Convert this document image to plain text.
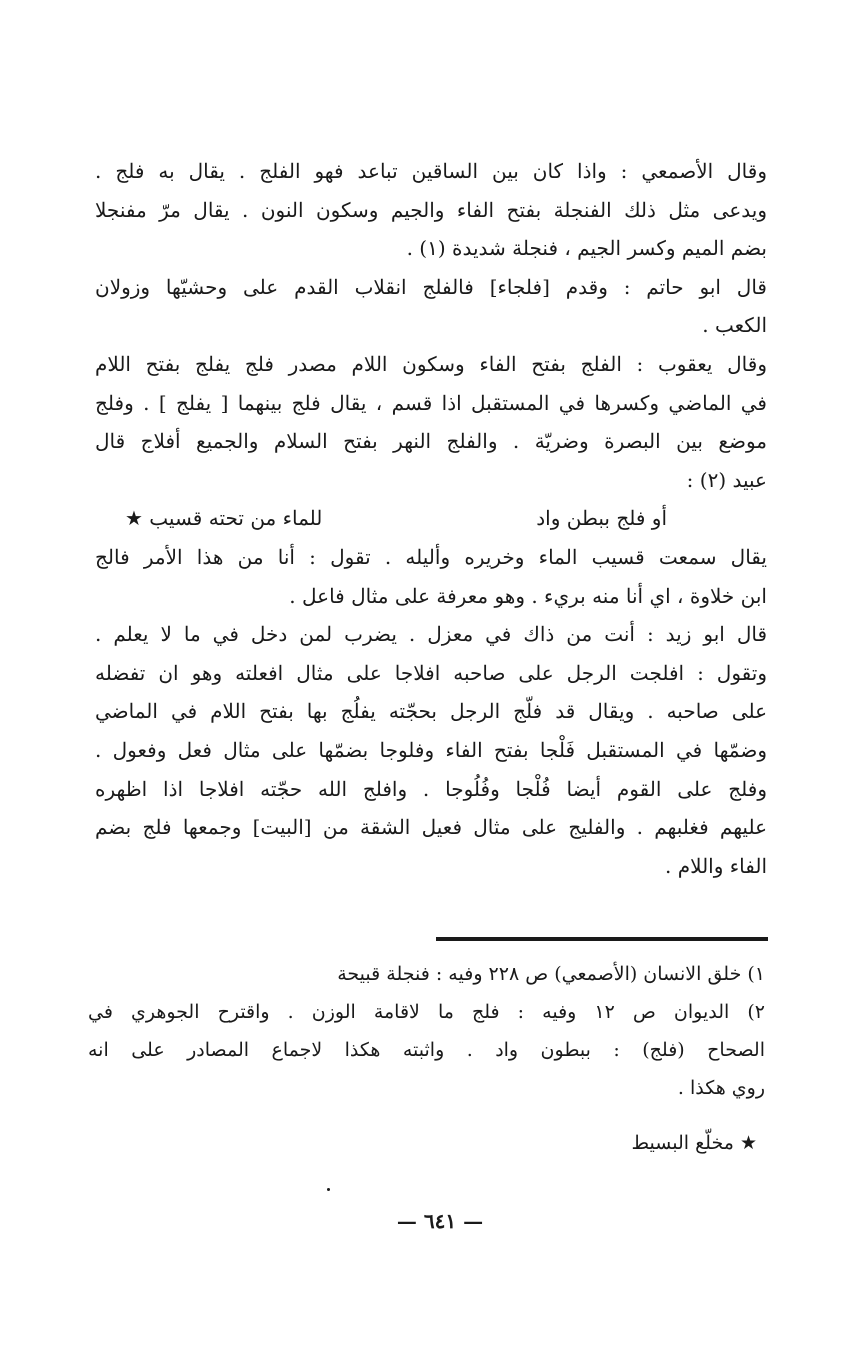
وقال الأصمعي : واذا كان بين الساقين تباعد فهو الفلج . يقال به فلج .
ويدعى مثل ذلك الفنجلة بفتح الفاء والجيم وسكون النون . يقال مرّ مفنجلا
بضم الميم وكسر الجيم ، فنجلة شديدة (١) .
قال ابو حاتم : وقدم [فلجاء] فالفلج انقلاب القدم على وحشيّها وزولان
الكعب .
وقال يعقوب : الفلج بفتح الفاء وسكون اللام مصدر فلج يفلج بفتح اللام
في الماضي وكسرها في المستقبل اذا قسم ، يقال فلج بينهما [ يفلج ] . وفلج
موضع بين البصرة وضريّة . والفلج النهر بفتح السلام والجميع أفلاج قال
عبيد (٢) :
أو فلج ببطن واد
للماء من تحته قسيب ★
يقال سمعت قسيب الماء وخريره وأليله . تقول : أنا من هذا الأمر فالج
ابن خلاوة ، اي أنا منه بريء . وهو معرفة على مثال فاعل .
قال ابو زيد : أنت من ذاك في معزل . يضرب لمن دخل في ما لا يعلم .
وتقول : افلجت الرجل على صاحبه افلاجا على مثال افعلته وهو ان تفضله
على صاحبه . ويقال قد فلّج الرجل بحجّته يفلُج بها بفتح اللام في الماضي
وضمّها في المستقبل فَلْجا بفتح الفاء وفلوجا بضمّها على مثال فعل وفعول .
وفلج على القوم أيضا فُلْجا وفُلُوجا . وافلج الله حجّته افلاجا اذا اظهره
عليهم فغلبهم . والفليج على مثال فعيل الشقة من [البيت] وجمعها فلج بضم
الفاء واللام .
١) خلق الانسان (الأصمعي) ص ٢٢٨ وفيه : فنجلة قبيحة
٢) الديوان ص ١٢ وفيه : فلج ما لاقامة الوزن . واقترح الجوهري في
الصحاح (فلج) : ببطون واد . واثبته هكذا لاجماع المصادر على انه
روي هكذا .
★ مخلّع البسيط
— ٦٤١ —
